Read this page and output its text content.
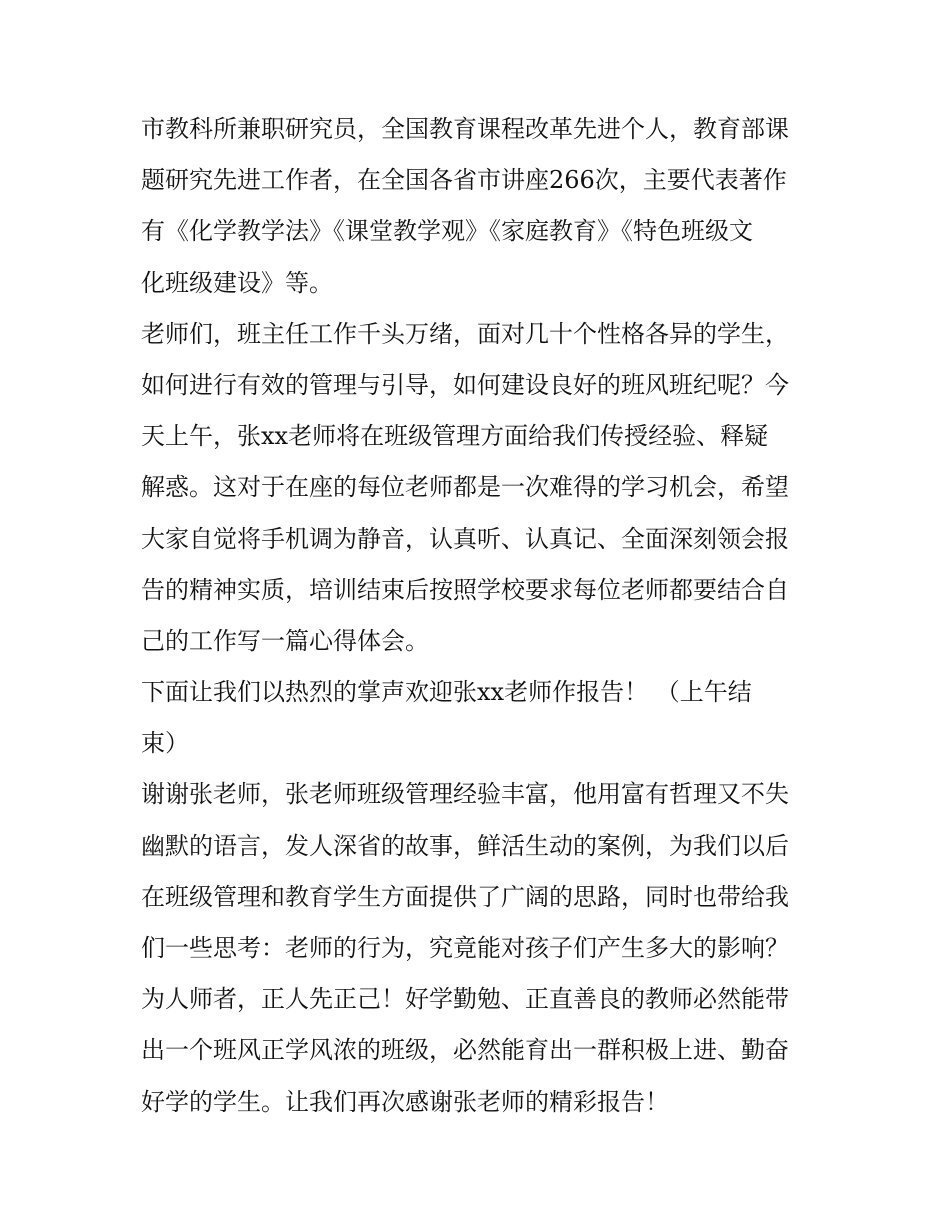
市教科所兼职研究员，全国教育课程改革先进个人，教育部课
题研究先进工作者，在全国各省市讲座266次，主要代表著作
有《化学教学法》《课堂教学观》《家庭教育》《特色班级文
化班级建设》等。
老师们，班主任工作千头万绪，面对几十个性格各异的学生，
如何进行有效的管理与引导，如何建设良好的班风班纪呢？今
天上午，张xx老师将在班级管理方面给我们传授经验、释疑
解惑。这对于在座的每位老师都是一次难得的学习机会，希望
大家自觉将手机调为静音，认真听、认真记、全面深刻领会报
告的精神实质，培训结束后按照学校要求每位老师都要结合自
己的工作写一篇心得体会。
下面让我们以热烈的掌声欢迎张xx老师作报告！ （上午结
束）
谢谢张老师，张老师班级管理经验丰富，他用富有哲理又不失
幽默的语言，发人深省的故事，鲜活生动的案例，为我们以后
在班级管理和教育学生方面提供了广阔的思路，同时也带给我
们一些思考：老师的行为，究竟能对孩子们产生多大的影响？
为人师者，正人先正己！好学勤勉、正直善良的教师必然能带
出一个班风正学风浓的班级，必然能育出一群积极上进、勤奋
好学的学生。让我们再次感谢张老师的精彩报告！
